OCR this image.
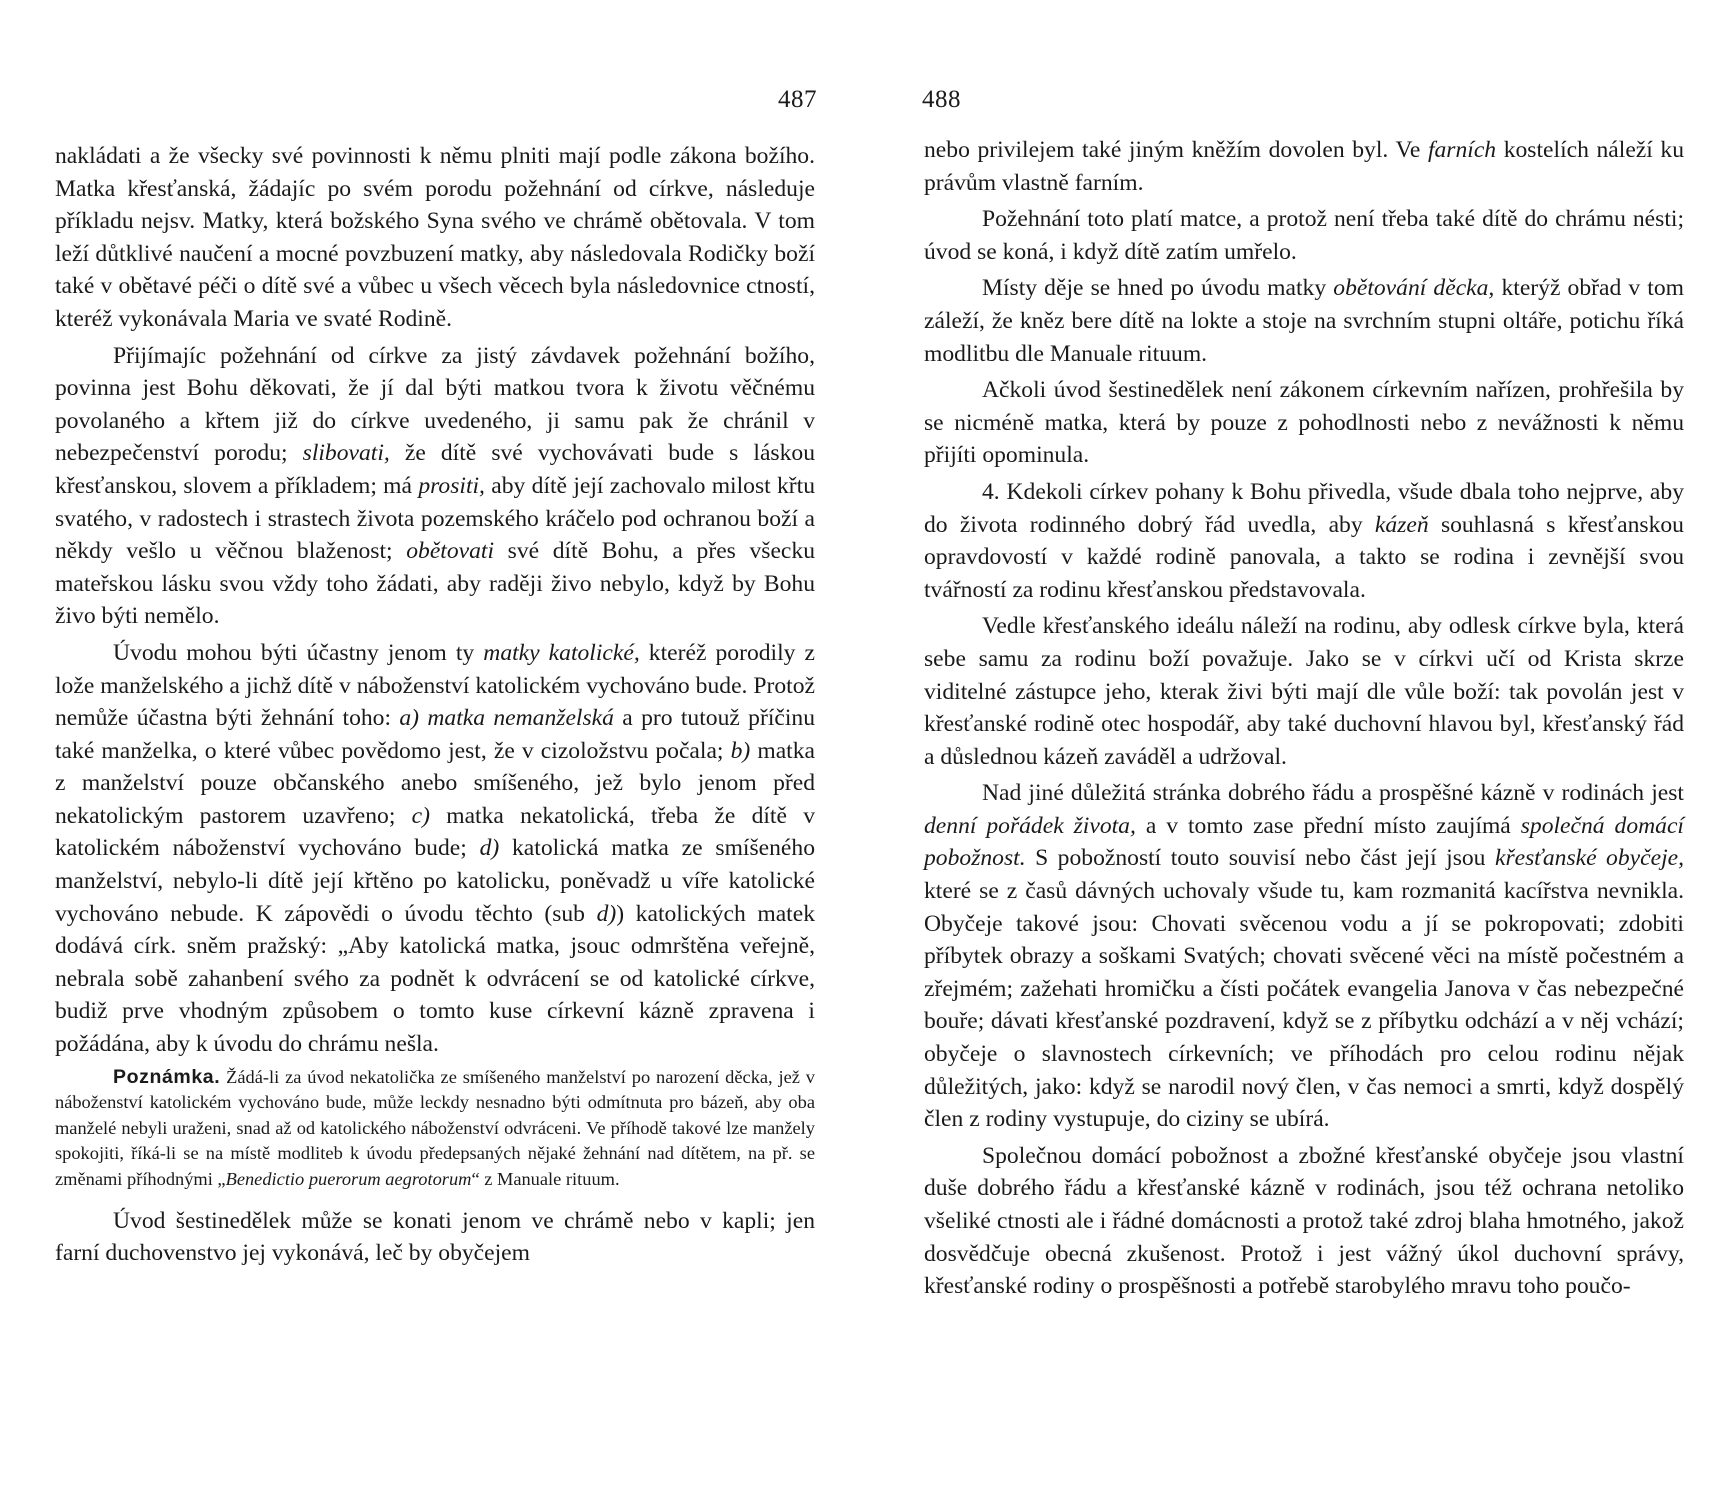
487

nakládati a že všecky své povinnosti k němu plniti mají podle zákona božího. Matka křesťanská, žádajíc po svém porodu požehnání od církve, následuje příkladu nejsv. Matky, která božského Syna svého ve chrámě obětovala. V tom leží důtklivé naučení a mocné povzbuzení matky, aby následovala Rodičky boží také v obětavé péči o dítě své a vůbec u všech věcech byla následovnice ctností, kteréž vykonávala Maria ve svaté Rodině.

Přijímajíc požehnání od církve za jistý závdavek požehnání božího, povinna jest Bohu děkovati, že jí dal býti matkou tvora k životu věčnému povolaného a křtem již do církve uvedeného, ji samu pak že chránil v nebezpečenství porodu; slibovati, že dítě své vychovávati bude s láskou křesťanskou, slovem a příkladem; má prositi, aby dítě její zachovalo milost křtu svatého, v radostech i strastech života pozemského kráčelo pod ochranou boží a někdy vešlo u věčnou blaženost; obětovati své dítě Bohu, a přes všecku mateřskou lásku svou vždy toho žádati, aby raději živo nebylo, když by Bohu živo býti nemělo.

Úvodu mohou býti účastny jenom ty matky katolické, kteréž porodily z lože manželského a jichž dítě v náboženství katolickém vychováno bude. Protož nemůže účastna býti žehnání toho: a) matka nemanželská a pro tutouž příčinu také manželka, o které vůbec povědomo jest, že v cizoložstvu počala; b) matka z manželství pouze občanského anebo smíšeného, jež bylo jenom před nekatolickým pastorem uzavřeno; c) matka nekatolická, třeba že dítě v katolickém náboženství vychováno bude; d) katolická matka ze smíšeného manželství, nebylo-li dítě její křtěno po katolicku, poněvadž u víře katolické vychováno nebude. K zápovědi o úvodu těchto (sub d)) katolických matek dodává círk. sněm pražský: „Aby katolická matka, jsouc odmrštěna veřejně, nebrala sobě zahanbení svého za podnět k odvrácení se od katolické církve, budiž prve vhodným způsobem o tomto kuse církevní kázně zpravena i požádána, aby k úvodu do chrámu nešla.

Poznámka. Žádá-li za úvod nekatolička ze smíšeného manželství po narození děcka, jež v náboženství katolickém vychováno bude, může leckdy nesnadno býti odmítnuta pro bázeň, aby oba manželé nebyli uraženi, snad až od katolického náboženství odvráceni. Ve příhodě takové lze manžely spokojiti, říká-li se na místě modliteb k úvodu předepsaných nějaké žehnání nad dítětem, na př. se změnami příhodnými „Benedictio puerorum aegrotorum“ z Manuale rituum.

Úvod šestinedělek může se konati jenom ve chrámě nebo v kapli; jen farní duchovenstvo jej vykonává, leč by obyčejem

488

nebo privilejem také jiným kněžím dovolen byl. Ve farních kostelích náleží ku právům vlastně farním.

Požehnání toto platí matce, a protož není třeba také dítě do chrámu nésti; úvod se koná, i když dítě zatím umřelo.

Místy děje se hned po úvodu matky obětování děcka, kterýž obřad v tom záleží, že kněz bere dítě na lokte a stoje na svrchním stupni oltáře, potichu říká modlitbu dle Manuale rituum.

Ačkoli úvod šestinedělek není zákonem církevním nařízen, prohřešila by se nicméně matka, která by pouze z pohodlnosti nebo z nevážnosti k němu přijíti opominula.

4. Kdekoli církev pohany k Bohu přivedla, všude dbala toho nejprve, aby do života rodinného dobrý řád uvedla, aby kázeň souhlasná s křesťanskou opravdovostí v každé rodině panovala, a takto se rodina i zevnější svou tvářností za rodinu křesťanskou představovala.

Vedle křesťanského ideálu náleží na rodinu, aby odlesk církve byla, která sebe samu za rodinu boží považuje. Jako se v církvi učí od Krista skrze viditelné zástupce jeho, kterak živi býti mají dle vůle boží: tak povolán jest v křesťanské rodině otec hospodář, aby také duchovní hlavou byl, křesťanský řád a důslednou kázeň zaváděl a udržoval.

Nad jiné důležitá stránka dobrého řádu a prospěšné kázně v rodinách jest denní pořádek života, a v tomto zase přední místo zaujímá společná domácí pobožnost. S pobožností touto souvisí nebo část její jsou křesťanské obyčeje, které se z časů dávných uchovaly všude tu, kam rozmanitá kacířstva nevnikla. Obyčeje takové jsou: Chovati svěcenou vodu a jí se pokropovati; zdobiti příbytek obrazy a soškami Svatých; chovati svěcené věci na místě počestném a zřejmém; zažehati hromičku a čísti počátek evangelia Janova v čas nebezpečné bouře; dávati křesťanské pozdravení, když se z příbytku odchází a v něj vchází; obyčeje o slavnostech církevních; ve příhodách pro celou rodinu nějak důležitých, jako: když se narodil nový člen, v čas nemoci a smrti, když dospělý člen z rodiny vystupuje, do ciziny se ubírá.

Společnou domácí pobožnost a zbožné křesťanské obyčeje jsou vlastní duše dobrého řádu a křesťanské kázně v rodinách, jsou též ochrana netoliko všeliké ctnosti ale i řádné domácnosti a protož také zdroj blaha hmotného, jakož dosvědčuje obecná zkušenost. Protož i jest vážný úkol duchovní správy, křesťanské rodiny o prospěšnosti a potřebě starobylého mravu toho poučo-
